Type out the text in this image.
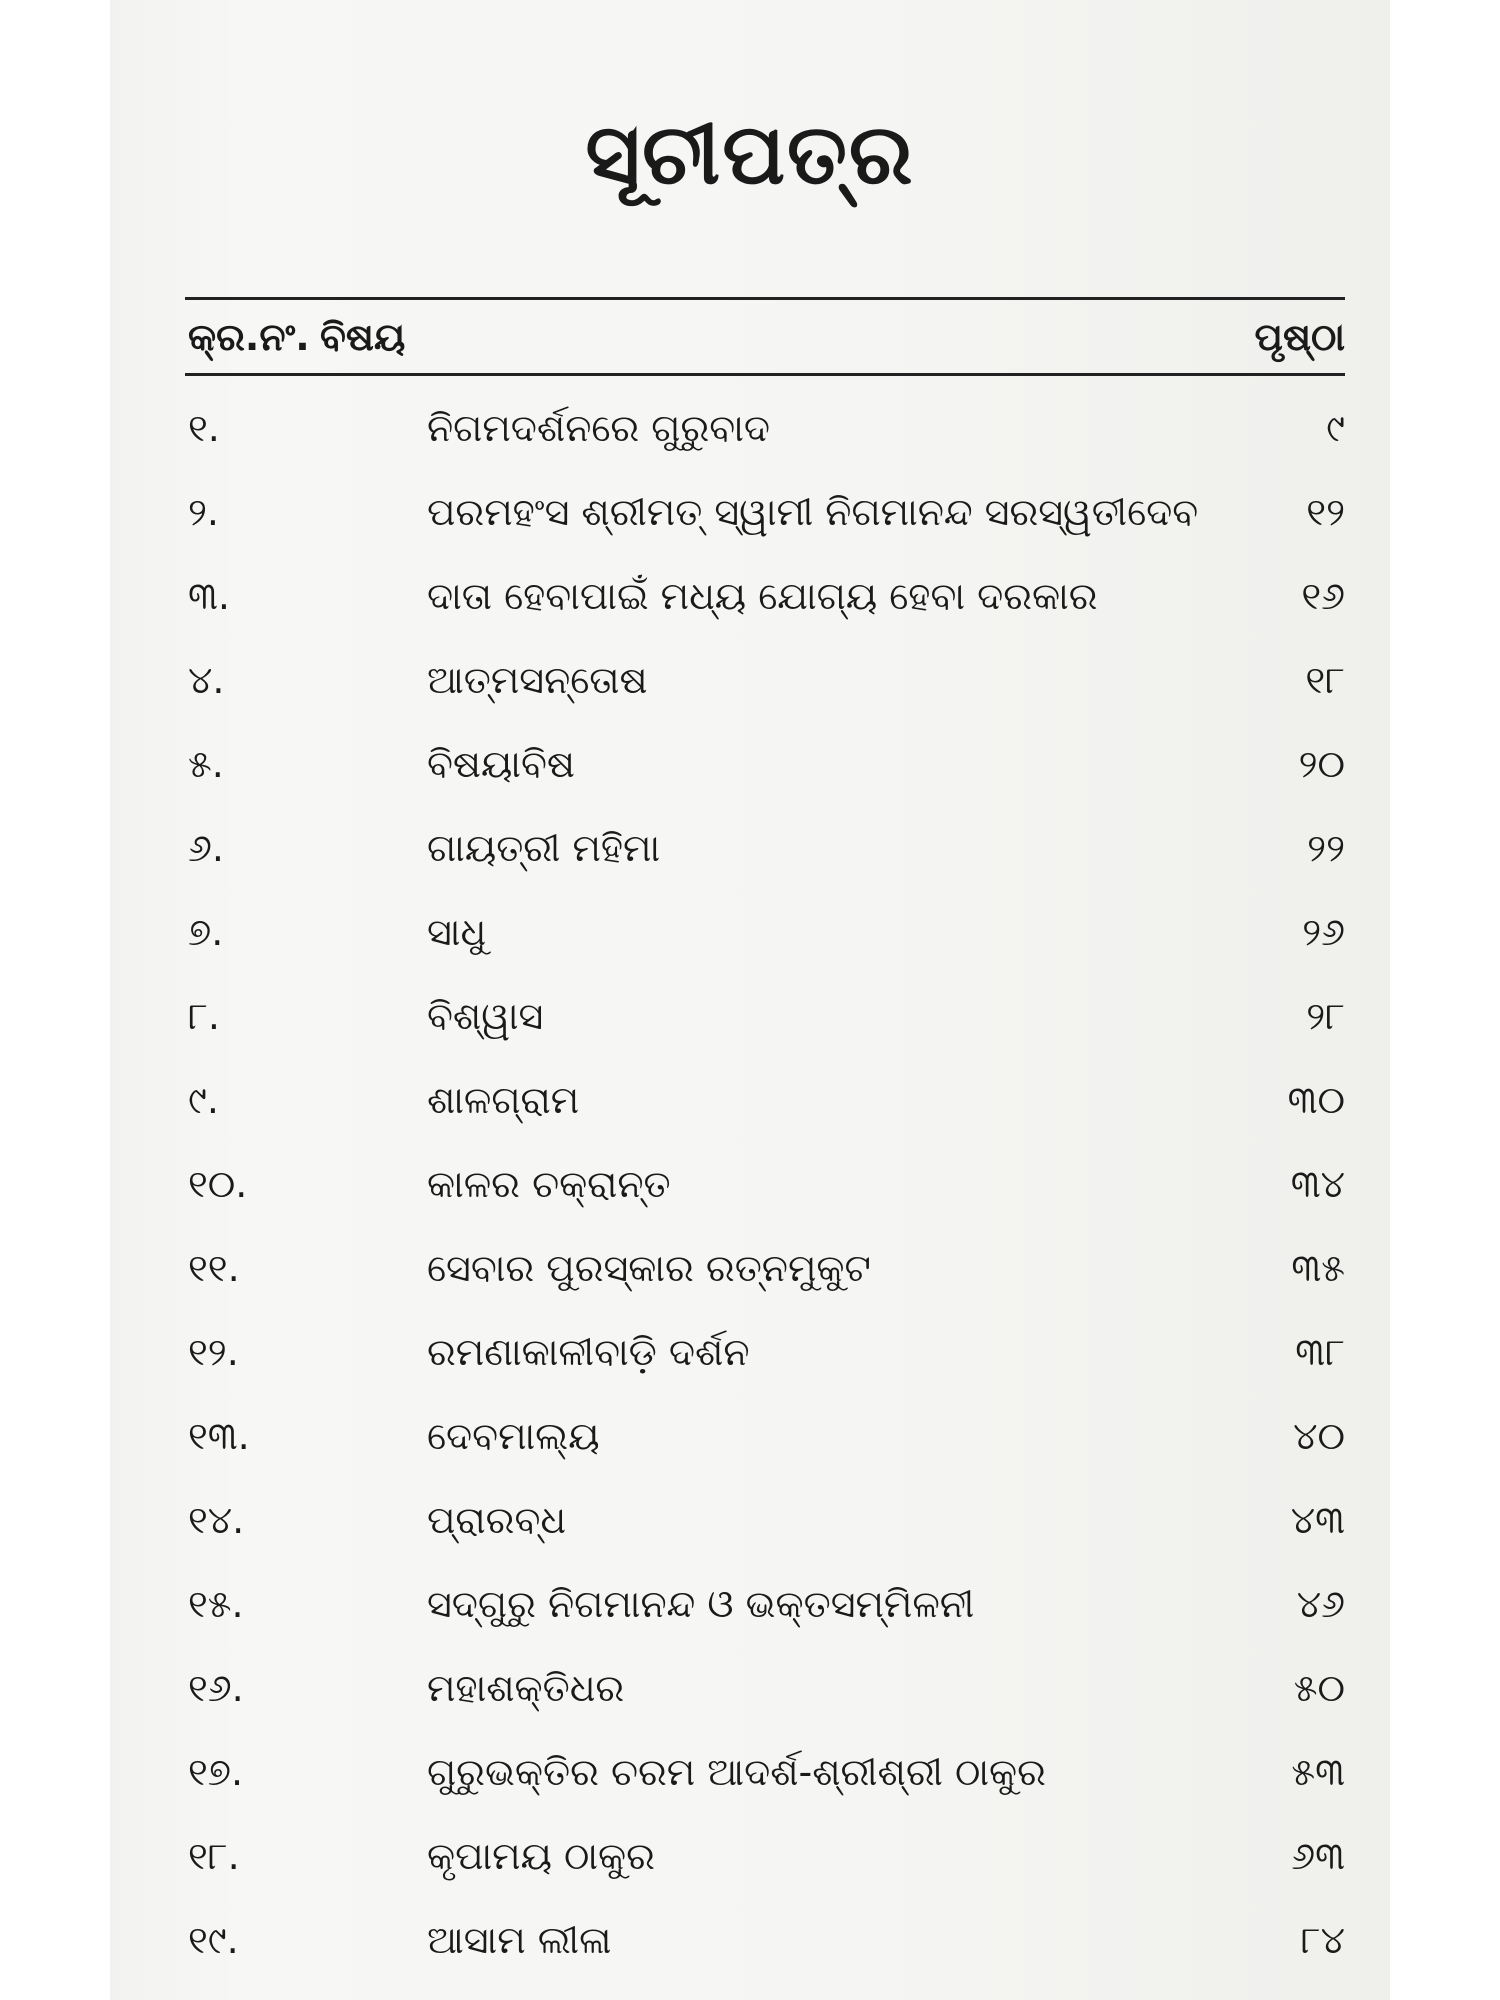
ସୂଚୀପତ୍ର
କ୍ର.ନଂ. ବିଷୟ	ପୃଷ୍ଠା
୧.	ନିଗମଦର୍ଶନରେ ଗୁରୁବାଦ	୯
୨.	ପରମହଂସ ଶ୍ରୀମତ୍ ସ୍ୱାମୀ ନିଗମାନନ୍ଦ ସରସ୍ୱତୀଦେବ	୧୨
୩.	ଦାତା ହେବାପାଇଁ ମଧ୍ୟ ଯୋଗ୍ୟ ହେବା ଦରକାର	୧୬
୪.	ଆତ୍ମସନ୍ତୋଷ	୧୮
୫.	ବିଷୟାବିଷ	୨୦
୬.	ଗାୟତ୍ରୀ ମହିମା	୨୨
୭.	ସାଧୁ	୨୬
୮.	ବିଶ୍ୱାସ	୨୮
୯.	ଶାଳଗ୍ରାମ	୩୦
୧୦.	କାଳର ଚକ୍ରାନ୍ତ	୩୪
୧୧.	ସେବାର ପୁରସ୍କାର ରତ୍ନମୁକୁଟ	୩୫
୧୨.	ରମଣାକାଳୀବାଡ଼ି ଦର୍ଶନ	୩୮
୧୩.	ଦେବମାଲ୍ୟ	୪୦
୧୪.	ପ୍ରାରବ୍ଧ	୪୩
୧୫.	ସଦ୍‌ଗୁରୁ ନିଗମାନନ୍ଦ ଓ ଭକ୍ତସମ୍ମିଳନୀ	୪୬
୧୬.	ମହାଶକ୍ତିଧର	୫୦
୧୭.	ଗୁରୁଭକ୍ତିର ଚରମ ଆଦର୍ଶ-ଶ୍ରୀଶ୍ରୀ ଠାକୁର	୫୩
୧୮.	କୃପାମୟ ଠାକୁର	୬୩
୧୯.	ଆସାମ ଲୀଳା	୮୪
